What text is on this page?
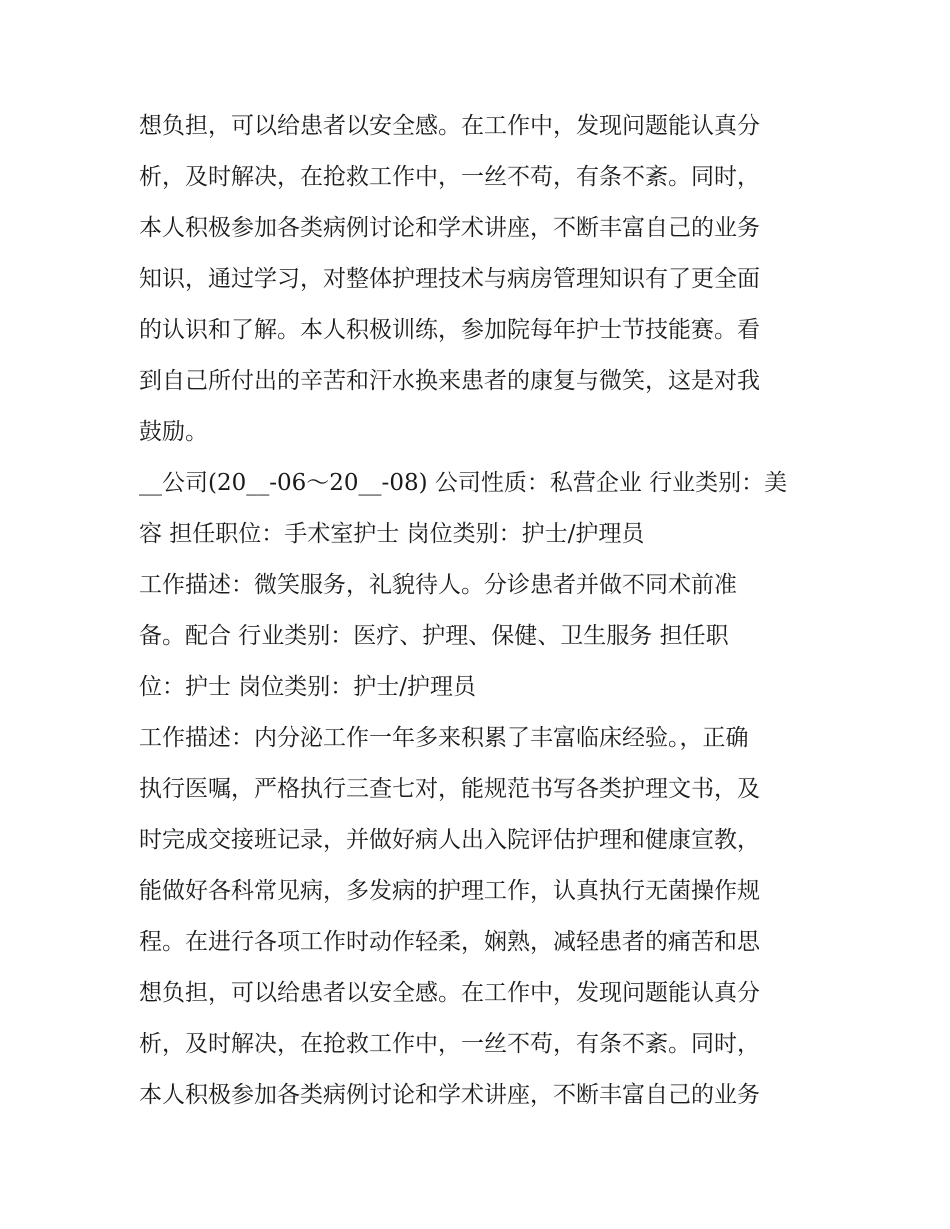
想负担，可以给患者以安全感。在工作中，发现问题能认真分
析，及时解决，在抢救工作中，一丝不苟，有条不紊。同时，
本人积极参加各类病例讨论和学术讲座，不断丰富自己的业务
知识，通过学习，对整体护理技术与病房管理知识有了更全面
的认识和了解。本人积极训练，参加院每年护士节技能赛。看
到自己所付出的辛苦和汗水换来患者的康复与微笑，这是对我
鼓励。
__公司(20__-06～20__-08) 公司性质：私营企业 行业类别：美
容 担任职位：手术室护士 岗位类别：护士/护理员
工作描述：微笑服务，礼貌待人。分诊患者并做不同术前准
备。配合 行业类别：医疗、护理、保健、卫生服务 担任职
位：护士 岗位类别：护士/护理员
工作描述：内分泌工作一年多来积累了丰富临床经验。，正确
执行医嘱，严格执行三查七对，能规范书写各类护理文书，及
时完成交接班记录，并做好病人出入院评估护理和健康宣教，
能做好各科常见病，多发病的护理工作，认真执行无菌操作规
程。在进行各项工作时动作轻柔，娴熟，减轻患者的痛苦和思
想负担，可以给患者以安全感。在工作中，发现问题能认真分
析，及时解决，在抢救工作中，一丝不苟，有条不紊。同时，
本人积极参加各类病例讨论和学术讲座，不断丰富自己的业务
